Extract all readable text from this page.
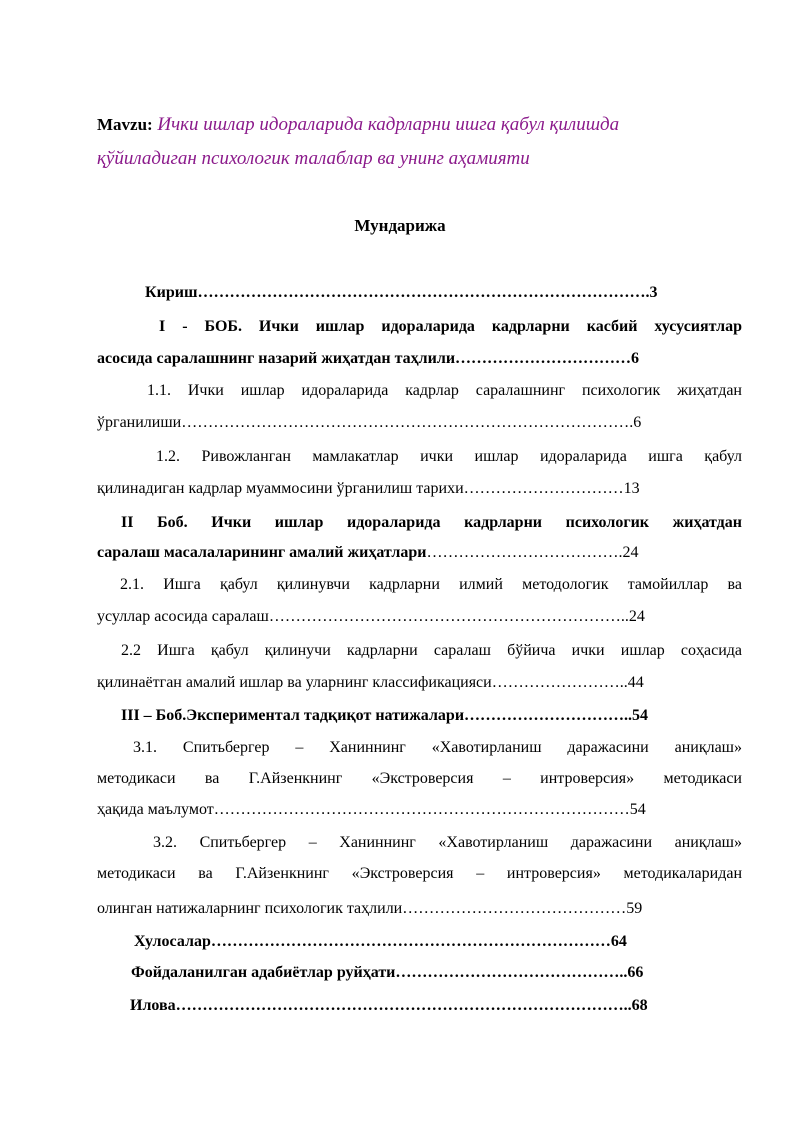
Mavzu: Ички ишлар идораларида кадрларни ишга қабул қилишда
қўйиладиган психологик талаблар ва унинг аҳамияти
Мундарижа
Кириш………………………………………………………………………….3
I - БОБ. Ички ишлар идораларида кадрларни касбий хусусиятлар
асосида саралашнинг назарий жиҳатдан таҳлили……………………………6
1.1. Ички ишлар идораларида кадрлар саралашнинг психологик жиҳатдан
ўрганилиши………………………………………………………………………….6
1.2. Ривожланган мамлакатлар ички ишлар идораларида ишга қабул
қилинадиган кадрлар муаммосини ўрганилиш тарихи…………………………13
II Боб. Ички ишлар идораларида кадрларни психологик жиҳатдан
саралаш масалаларининг амалий жиҳатлари……………………………….24
2.1. Ишга қабул қилинувчи кадрларни илмий методологик тамойиллар ва
усуллар асосида саралаш…………………………………………………………..24
2.2 Ишга қабул қилинучи кадрларни саралаш бўйича ички ишлар соҳасида
қилинаётган амалий ишлар ва уларнинг классификацияси……………………..44
III – Боб.Экспериментал тадқиқот натижалари…………………………..54
3.1. Спитьбергер – Ханиннинг «Хавотирланиш даражасини аниқлаш»
методикаси ва Г.Айзенкнинг «Экстроверсия – интроверсия» методикаси
ҳақида маълумот……………………………………………………………………54
3.2. Спитьбергер – Ханиннинг «Хавотирланиш даражасини аниқлаш»
методикаси ва Г.Айзенкнинг «Экстроверсия – интроверсия» методикаларидан
олинган натижаларнинг психологик таҳлили……………………………………59
Хулосалар…………………………………………………………………64
Фойдаланилган адабиётлар руйҳати……………………………………..66
Илова…………………………………………………………………………..68
